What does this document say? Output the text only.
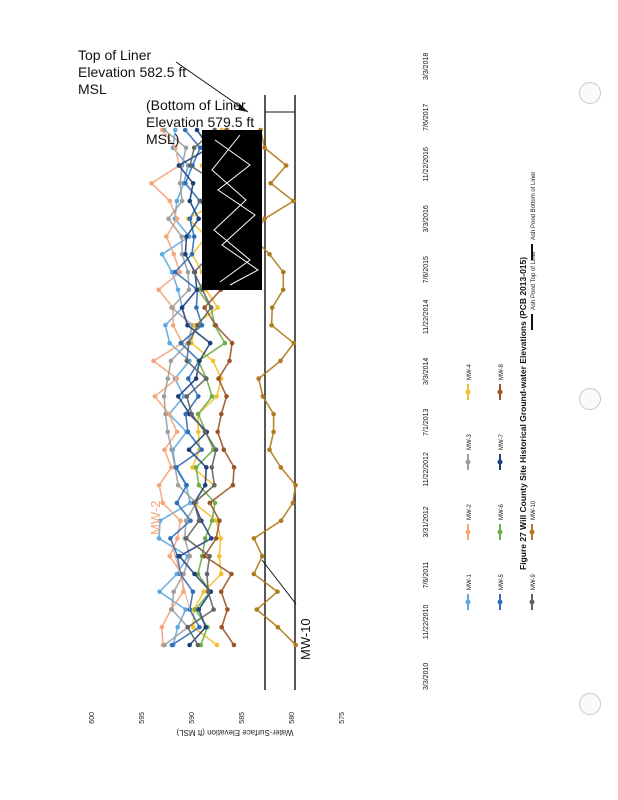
575
580
585
590
595
600
Water-Surface Elevation (ft MSL)
3/3/2010
11/22/2010
7/6/2011
3/31/2012
11/22/2012
7/1/2013
3/3/2014
11/22/2014
7/6/2015
3/3/2016
11/22/2016
7/6/2017
3/3/2018
Top of Liner
Elevation 582.5 ft
MSL
(Bottom of Liner
Elevation 579.5 ft
MSL)
MW-2
MW-10
MW-1
MW-2
MW-3
MW-4
MW-5
MW-6
MW-7
MW-8
MW-9
MW-10
Ash Pond Top of Liner
Ash Pond Bottom of Liner
Figure 27 Will County Site Historical Ground-water Elevations (PCB 2013-015)
